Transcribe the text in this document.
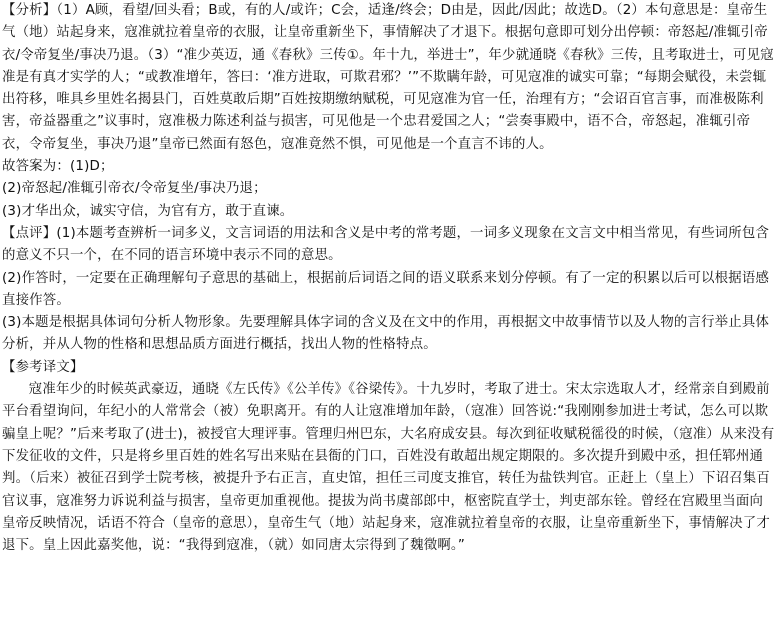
【分析】（1）A顾，看望/回头看；B或，有的人/或许；C会，适逢/终会；D由是，因此/因此；故选D。（2）本句意思是：皇帝生气（地）站起身来，寇准就拉着皇帝的衣服，让皇帝重新坐下，事情解决了才退下。根据句意即可划分出停顿：帝怒起/准辄引帝衣/令帝复坐/事决乃退。（3）“准少英迈，通《春秋》三传①。年十九，举进士”，年少就通晓《春秋》三传，且考取进士，可见寇准是有真才实学的人；“或教准增年，答曰：‘准方进取，可欺君邪？’”不欺瞒年龄，可见寇准的诚实可靠；“每期会赋役，未尝辄出符移，唯具乡里姓名揭县门，百姓莫敢后期”百姓按期缴纳赋税，可见寇准为官一任，治理有方；“会诏百官言事，而准极陈利害，帝益器重之”议事时，寇准极力陈述利益与损害，可见他是一个忠君爱国之人；“尝奏事殿中，语不合，帝怒起，准辄引帝衣，令帝复坐，事决乃退”皇帝已然面有怒色，寇准竟然不惧，可见他是一个直言不讳的人。

故答案为：(1)D；

(2)帝怒起/准辄引帝衣/令帝复坐/事决乃退；

(3)才华出众，诚实守信，为官有方，敢于直谏。

【点评】(1)本题考查辨析一词多义，文言词语的用法和含义是中考的常考题，一词多义现象在文言文中相当常见，有些词所包含的意义不只一个，在不同的语言环境中表示不同的意思。

(2)作答时，一定要在正确理解句子意思的基础上，根据前后词语之间的语义联系来划分停顿。有了一定的积累以后可以根据语感直接作答。

(3)本题是根据具体词句分析人物形象。先要理解具体字词的含义及在文中的作用，再根据文中故事情节以及人物的言行举止具体分析，并从人物的性格和思想品质方面进行概括，找出人物的性格特点。

【参考译文】

寇准年少的时候英武豪迈，通晓《左氏传》《公羊传》《谷梁传》。十九岁时，考取了进士。宋太宗选取人才，经常亲自到殿前平台看望询问，年纪小的人常常会（被）免职离开。有的人让寇准增加年龄，（寇准）回答说:“我刚刚参加进士考试，怎么可以欺骗皇上呢？”后来考取了(进士)，被授官大理评事。管理归州巴东，大名府成安县。每次到征收赋税徭役的时候，（寇准）从来没有下发征收的文件，只是将乡里百姓的姓名写出来贴在县衙的门口，百姓没有敢超出规定期限的。多次提升到殿中丞，担任郓州通判。（后来）被征召到学士院考核，被提升予右正言，直史馆，担任三司度支推官，转任为盐铁判官。正赶上（皇上）下诏召集百官议事，寇准努力诉说利益与损害，皇帝更加重视他。提拔为尚书虞部郎中，枢密院直学士，判吏部东铨。曾经在宫殿里当面向皇帝反映情况，话语不符合（皇帝的意思），皇帝生气（地）站起身来，寇准就拉着皇帝的衣服，让皇帝重新坐下，事情解决了才退下。皇上因此嘉奖他，说：“我得到寇准，（就）如同唐太宗得到了魏徵啊。”
